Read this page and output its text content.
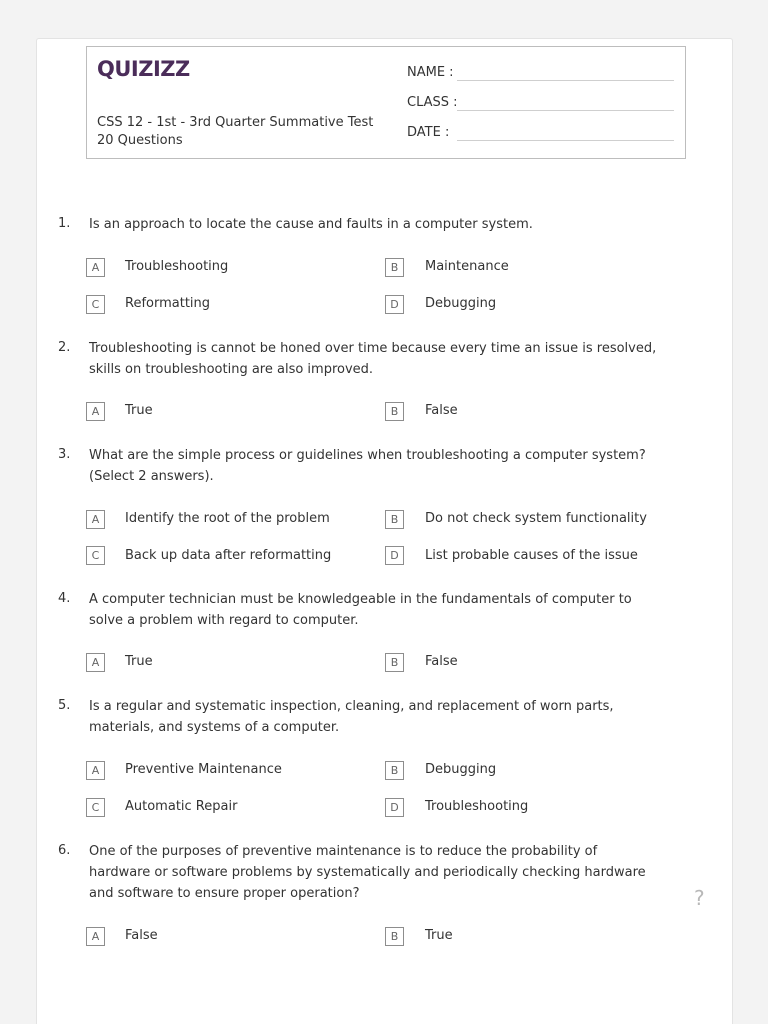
QUIZIZZ
CSS 12 - 1st - 3rd Quarter Summative Test
20 Questions
NAME :
CLASS :
DATE :
1.	Is an approach to locate the cause and faults in a computer system.
A	Troubleshooting	B	Maintenance
C	Reformatting	D	Debugging
2.	Troubleshooting is cannot be honed over time because every time an issue is resolved, skills on troubleshooting are also improved.
A	True	B	False
3.	What are the simple process or guidelines when troubleshooting a computer system? (Select 2 answers).
A	Identify the root of the problem	B	Do not check system functionality
C	Back up data after reformatting	D	List probable causes of the issue
4.	A computer technician must be knowledgeable in the fundamentals of computer to solve a problem with regard to computer.
A	True	B	False
5.	Is a regular and systematic inspection, cleaning, and replacement of worn parts, materials, and systems of a computer.
A	Preventive Maintenance	B	Debugging
C	Automatic Repair	D	Troubleshooting
6.	One of the purposes of preventive maintenance is to reduce the probability of hardware or software problems by systematically and periodically checking hardware and software to ensure proper operation?
A	False	B	True
?
